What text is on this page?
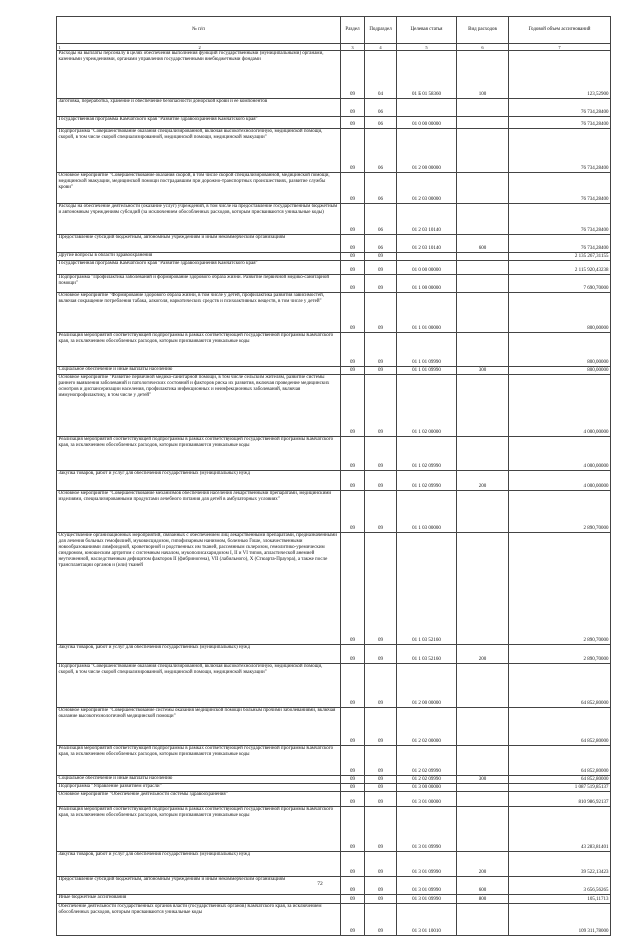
№ п/п	Раздел	Подраздел	Целевая статья	Вид расходов	Годовой объем ассигнований

1 2	3	4	5	6	7
Расходы на выплаты персоналу в целях обеспечения выполнения функций государственными (муниципальными) органами, казенными учреждениями, органами управления государственными внебюджетными фондами	09	04	01 Б 01 58360	100	123,52900
Заготовка, переработка, хранение и обеспечение безопасности донорской крови и ее компонентов	09	06			76 734,28400
Государственная программа Камчатского края "Развитие здравоохранения Камчатского края"	09	06	01 0 00 00000		76 734,28400
Подпрограмма "Совершенствование оказания специализированной, включая высокотехнологичную, медицинской помощи, скорой, в том числе скорой специализированной, медицинской помощи, медицинской эвакуации"	09	06	01 2 00 00000		76 734,28400
Основное мероприятие "Совершенствование оказания скорой, в том числе скорой специализированной, медицинской помощи, медицинской эвакуации, медицинской помощи пострадавшим при дорожно-транспортных происшествиях, развитие службы крови"	09	06	01 2 03 00000		76 734,28400
Расходы на обеспечение деятельности (оказание услуг) учреждений, в том числе на предоставление государственным бюджетным и автономным учреждениям субсидий (за исключением обособленных расходов, которым присваиваются уникальные коды)	09	06	01 2 03 10140		76 734,28400
Предоставление субсидий бюджетным, автономным учреждениям и иным некоммерческим организациям	09	06	01 2 03 10140	600	76 734,28400
Другие вопросы в области здравоохранения	09	09			2 135 267,31155
Государственная программа Камчатского края "Развитие здравоохранения Камчатского края"	09	09	01 0 00 00000		2 115 920,43238
Подпрограмма "Профилактика заболеваний и формирование здорового образа жизни. Развитие первичной медико-санитарной помощи"	09	09	01 1 00 00000		7 690,70000
Основное мероприятие "Формирование здорового образа жизни, в том числе у детей, профилактика развития зависимостей, включая сокращение потребления табака, алкоголя, наркотических средств и психоактивных веществ, в том числе у детей"	09	09	01 1 01 00000		800,00000
Реализация мероприятий соответствующей подпрограммы в рамках соответствующей государственной программы Камчатского края, за исключением обособленных расходов, которым присваиваются уникальные коды	09	09	01 1 01 09990		800,00000
Социальное обеспечение и иные выплаты населению	09	09	01 1 01 09990	300	800,00000
Основное мероприятие "Развитие первичной медико-санитарной помощи, в том числе сельским жителям, развитие системы раннего выявления заболеваний и патологических состояний и факторов риска их развития, включая проведение медицинских осмотров и диспансеризации населения, профилактика инфекционных и неинфекционных заболеваний, включая иммунопрофилактику, в том числе у детей"	09	09	01 1 02 00000		4 000,00000
Реализация мероприятий соответствующей подпрограммы в рамках соответствующей государственной программы Камчатского края, за исключением обособленных расходов, которым присваиваются уникальные коды	09	09	01 1 02 09990		4 000,00000
Закупка товаров, работ и услуг для обеспечения государственных (муниципальных) нужд	09	09	01 1 02 09990	200	4 000,00000
Основное мероприятие "Совершенствование механизмов обеспечения населения лекарственными препаратами, медицинскими изделиями, специализированными продуктами лечебного питания для детей в амбулаторных условиях"	09	09	01 1 03 00000		2 890,70000
Осуществление организационных мероприятий, связанных с обеспечением лиц лекарственными препаратами, предназначенными для лечения больных гемофилией, муковисцидозом, гипофизарным нанизмом, болезнью Гоше, злокачественными новообразованиями лимфоидной, кроветворной и родственных им тканей, рассеянным склерозом, гемолитико-уремическим синдромом, юношеским артритом с системным началом, мукополисахаридозом I, II и VI типов, апластической анемией неуточненной, наследственным дефицитом факторов II (фибриногена), VII (лабильного), X (Стюарта-Прауэра), а также после трансплантации органов и (или) тканей	09	09	01 1 03 52160		2 890,70000
Закупка товаров, работ и услуг для обеспечения государственных (муниципальных) нужд	09	09	01 1 03 52160	200	2 890,70000
Подпрограмма "Совершенствование оказания специализированной, включая высокотехнологичную, медицинской помощи, скорой, в том числе скорой специализированной, медицинской помощи, медицинской эвакуации"	09	09	01 2 00 00000		64 852,80000
Основное мероприятие "Совершенствование системы оказания медицинской помощи больным прочими заболеваниями, включая оказание высокотехнологичной медицинской помощи"	09	09	01 2 02 00000		64 852,80000
Реализация мероприятий соответствующей подпрограммы в рамках соответствующей государственной программы Камчатского края, за исключением обособленных расходов, которым присваиваются уникальные коды	09	09	01 2 02 09990		64 852,80000
Социальное обеспечение и иные выплаты населению	09	09	01 2 02 09990	300	64 852,80000
Подпрограмма "Управление развитием отрасли"	09	09	01 3 00 00000		1 087 519,85137
Основное мероприятие "Обеспечение деятельности системы здравоохранения"	09	09	01 3 01 00000		810 986,92137
Реализация мероприятий соответствующей подпрограммы в рамках соответствующей государственной программы Камчатского края, за исключением обособленных расходов, которым присваиваются уникальные коды	09	09	01 3 01 09990		43 283,81401
Закупка товаров, работ и услуг для обеспечения государственных (муниципальных) нужд	09	09	01 3 01 09990	200	39 522,13423
Предоставление субсидий бюджетным, автономным учреждениям и иным некоммерческим организациям	09	09	01 3 01 09990	600	3 656,56265
Иные бюджетные ассигнования	09	09	01 3 01 09990	800	105,11713
Обеспечение деятельности государственных органов власти (государственных органов) Камчатского края, за исключением обособленных расходов, которым присваиваются уникальные коды	09	09	01 3 01 10010		109 311,78000
72
